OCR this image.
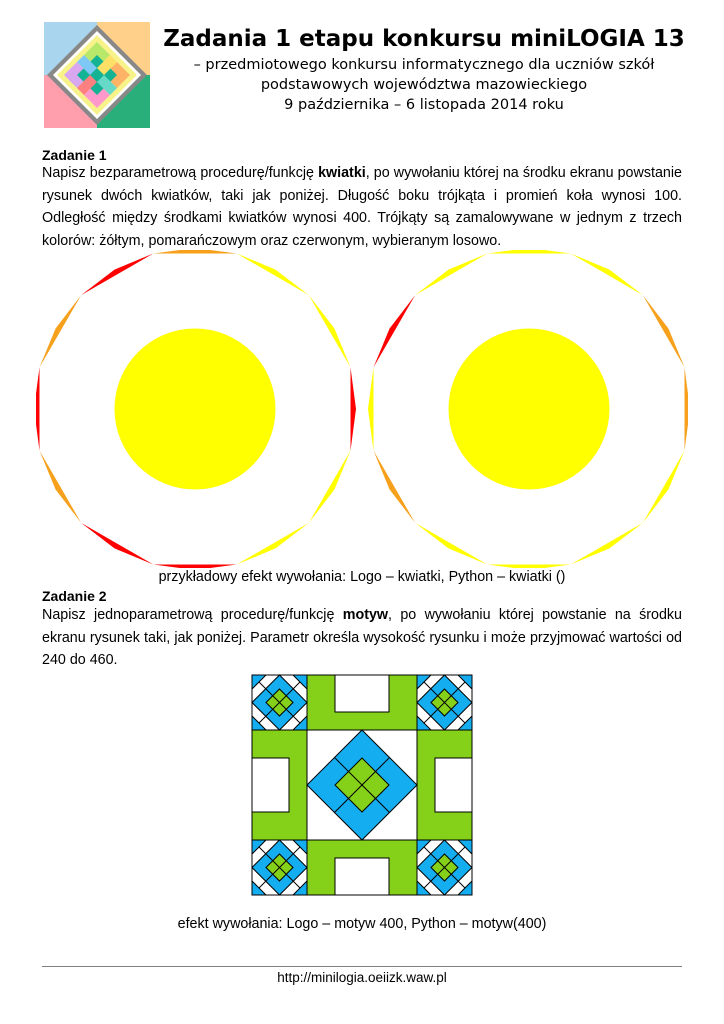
Zadania 1 etapu konkursu miniLOGIA 13
– przedmiotowego konkursu informatycznego dla uczniów szkół
podstawowych województwa mazowieckiego
9 października – 6 listopada 2014 roku
Zadanie 1
Napisz bezparametrową procedurę/funkcję kwiatki, po wywołaniu której na środku ekranu powstanie rysunek dwóch kwiatków, taki jak poniżej. Długość boku trójkąta i promień koła wynosi 100. Odległość między środkami kwiatków wynosi 400. Trójkąty są zamalowywane w jednym z trzech kolorów: żółtym, pomarańczowym oraz czerwonym, wybieranym losowo.
przykładowy efekt wywołania: Logo – kwiatki, Python – kwiatki ()
Zadanie 2
Napisz jednoparametrową procedurę/funkcję motyw, po wywołaniu której powstanie na środku ekranu rysunek taki, jak poniżej. Parametr określa wysokość rysunku i może przyjmować wartości od 240 do 460.
efekt wywołania: Logo – motyw 400, Python – motyw(400)
http://minilogia.oeiizk.waw.pl
